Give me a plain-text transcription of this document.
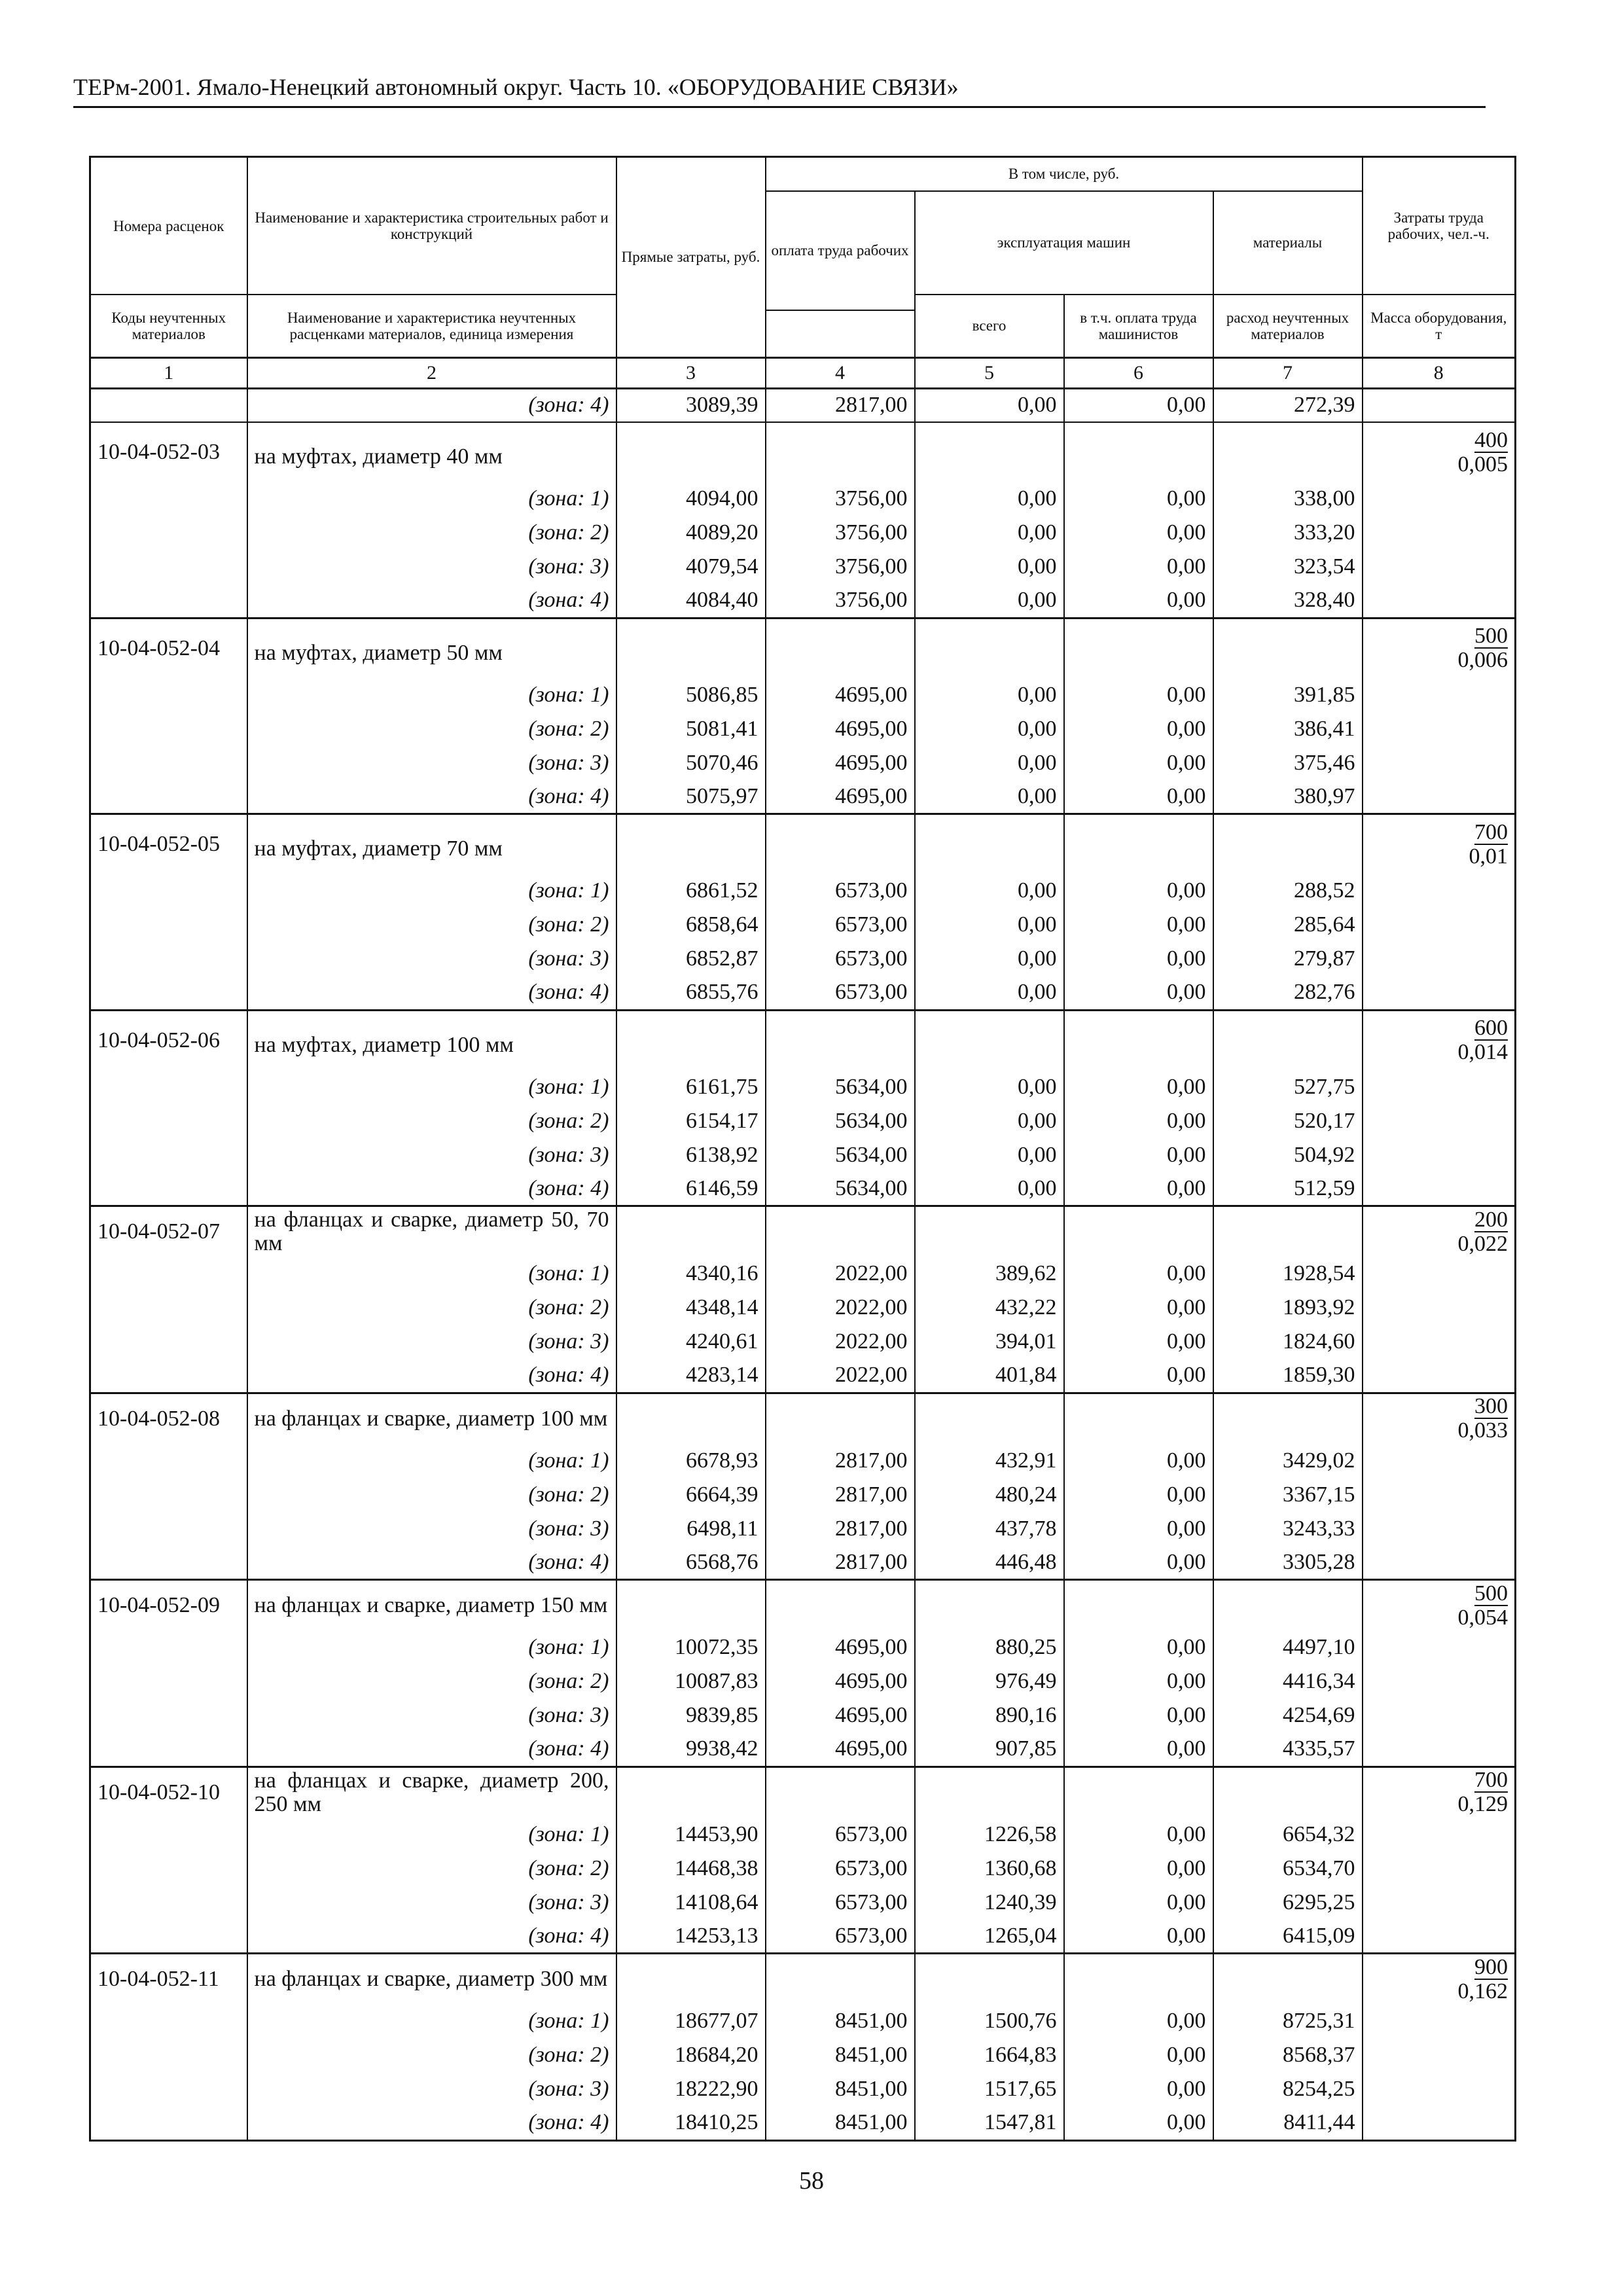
ТЕРм-2001. Ямало-Ненецкий автономный округ. Часть 10. «ОБОРУДОВАНИЕ СВЯЗИ»
Номера расценок	Наименование и характеристика строительных работ и конструкций	Прямые затраты, руб.	В том числе, руб.				Затраты труда рабочих, чел.-ч.
			оплата труда рабочих	эксплуатация машин		материалы	

Коды неучтенных материалов	Наименование и характеристика неучтенных расценками материалов, единица измерения			всего	в т.ч. оплата труда машинистов	расход неучтенных материалов	Масса оборудования, т

1	2	3	4	5	6	7	8
	(зона: 4)	3089,39	2817,00	0,00	0,00	272,39	
10-04-052-03	на муфтах, диаметр 40 мм						400
0,005

	(зона: 1)	4094,00	3756,00	0,00	0,00	338,00	
	(зона: 2)	4089,20	3756,00	0,00	0,00	333,20	
	(зона: 3)	4079,54	3756,00	0,00	0,00	323,54	
	(зона: 4)	4084,40	3756,00	0,00	0,00	328,40	
10-04-052-04	на муфтах, диаметр 50 мм						500
0,006

	(зона: 1)	5086,85	4695,00	0,00	0,00	391,85	
	(зона: 2)	5081,41	4695,00	0,00	0,00	386,41	
	(зона: 3)	5070,46	4695,00	0,00	0,00	375,46	
	(зона: 4)	5075,97	4695,00	0,00	0,00	380,97	
10-04-052-05	на муфтах, диаметр 70 мм						700
0,01

	(зона: 1)	6861,52	6573,00	0,00	0,00	288,52	
	(зона: 2)	6858,64	6573,00	0,00	0,00	285,64	
	(зона: 3)	6852,87	6573,00	0,00	0,00	279,87	
	(зона: 4)	6855,76	6573,00	0,00	0,00	282,76	
10-04-052-06	на муфтах, диаметр 100 мм						600
0,014

	(зона: 1)	6161,75	5634,00	0,00	0,00	527,75	
	(зона: 2)	6154,17	5634,00	0,00	0,00	520,17	
	(зона: 3)	6138,92	5634,00	0,00	0,00	504,92	
	(зона: 4)	6146,59	5634,00	0,00	0,00	512,59	
10-04-052-07	на фланцах и сварке, диаметр 50, 70 мм						200
0,022

	(зона: 1)	4340,16	2022,00	389,62	0,00	1928,54	
	(зона: 2)	4348,14	2022,00	432,22	0,00	1893,92	
	(зона: 3)	4240,61	2022,00	394,01	0,00	1824,60	
	(зона: 4)	4283,14	2022,00	401,84	0,00	1859,30	
10-04-052-08	на фланцах и сварке, диаметр 100 мм						300
0,033

	(зона: 1)	6678,93	2817,00	432,91	0,00	3429,02	
	(зона: 2)	6664,39	2817,00	480,24	0,00	3367,15	
	(зона: 3)	6498,11	2817,00	437,78	0,00	3243,33	
	(зона: 4)	6568,76	2817,00	446,48	0,00	3305,28	
10-04-052-09	на фланцах и сварке, диаметр 150 мм						500
0,054

	(зона: 1)	10072,35	4695,00	880,25	0,00	4497,10	
	(зона: 2)	10087,83	4695,00	976,49	0,00	4416,34	
	(зона: 3)	9839,85	4695,00	890,16	0,00	4254,69	
	(зона: 4)	9938,42	4695,00	907,85	0,00	4335,57	
10-04-052-10	на фланцах и сварке, диаметр 200, 250 мм						700
0,129

	(зона: 1)	14453,90	6573,00	1226,58	0,00	6654,32	
	(зона: 2)	14468,38	6573,00	1360,68	0,00	6534,70	
	(зона: 3)	14108,64	6573,00	1240,39	0,00	6295,25	
	(зона: 4)	14253,13	6573,00	1265,04	0,00	6415,09	
10-04-052-11	на фланцах и сварке, диаметр 300 мм						900
0,162

	(зона: 1)	18677,07	8451,00	1500,76	0,00	8725,31	
	(зона: 2)	18684,20	8451,00	1664,83	0,00	8568,37	
	(зона: 3)	18222,90	8451,00	1517,65	0,00	8254,25	
	(зона: 4)	18410,25	8451,00	1547,81	0,00	8411,44	
58
